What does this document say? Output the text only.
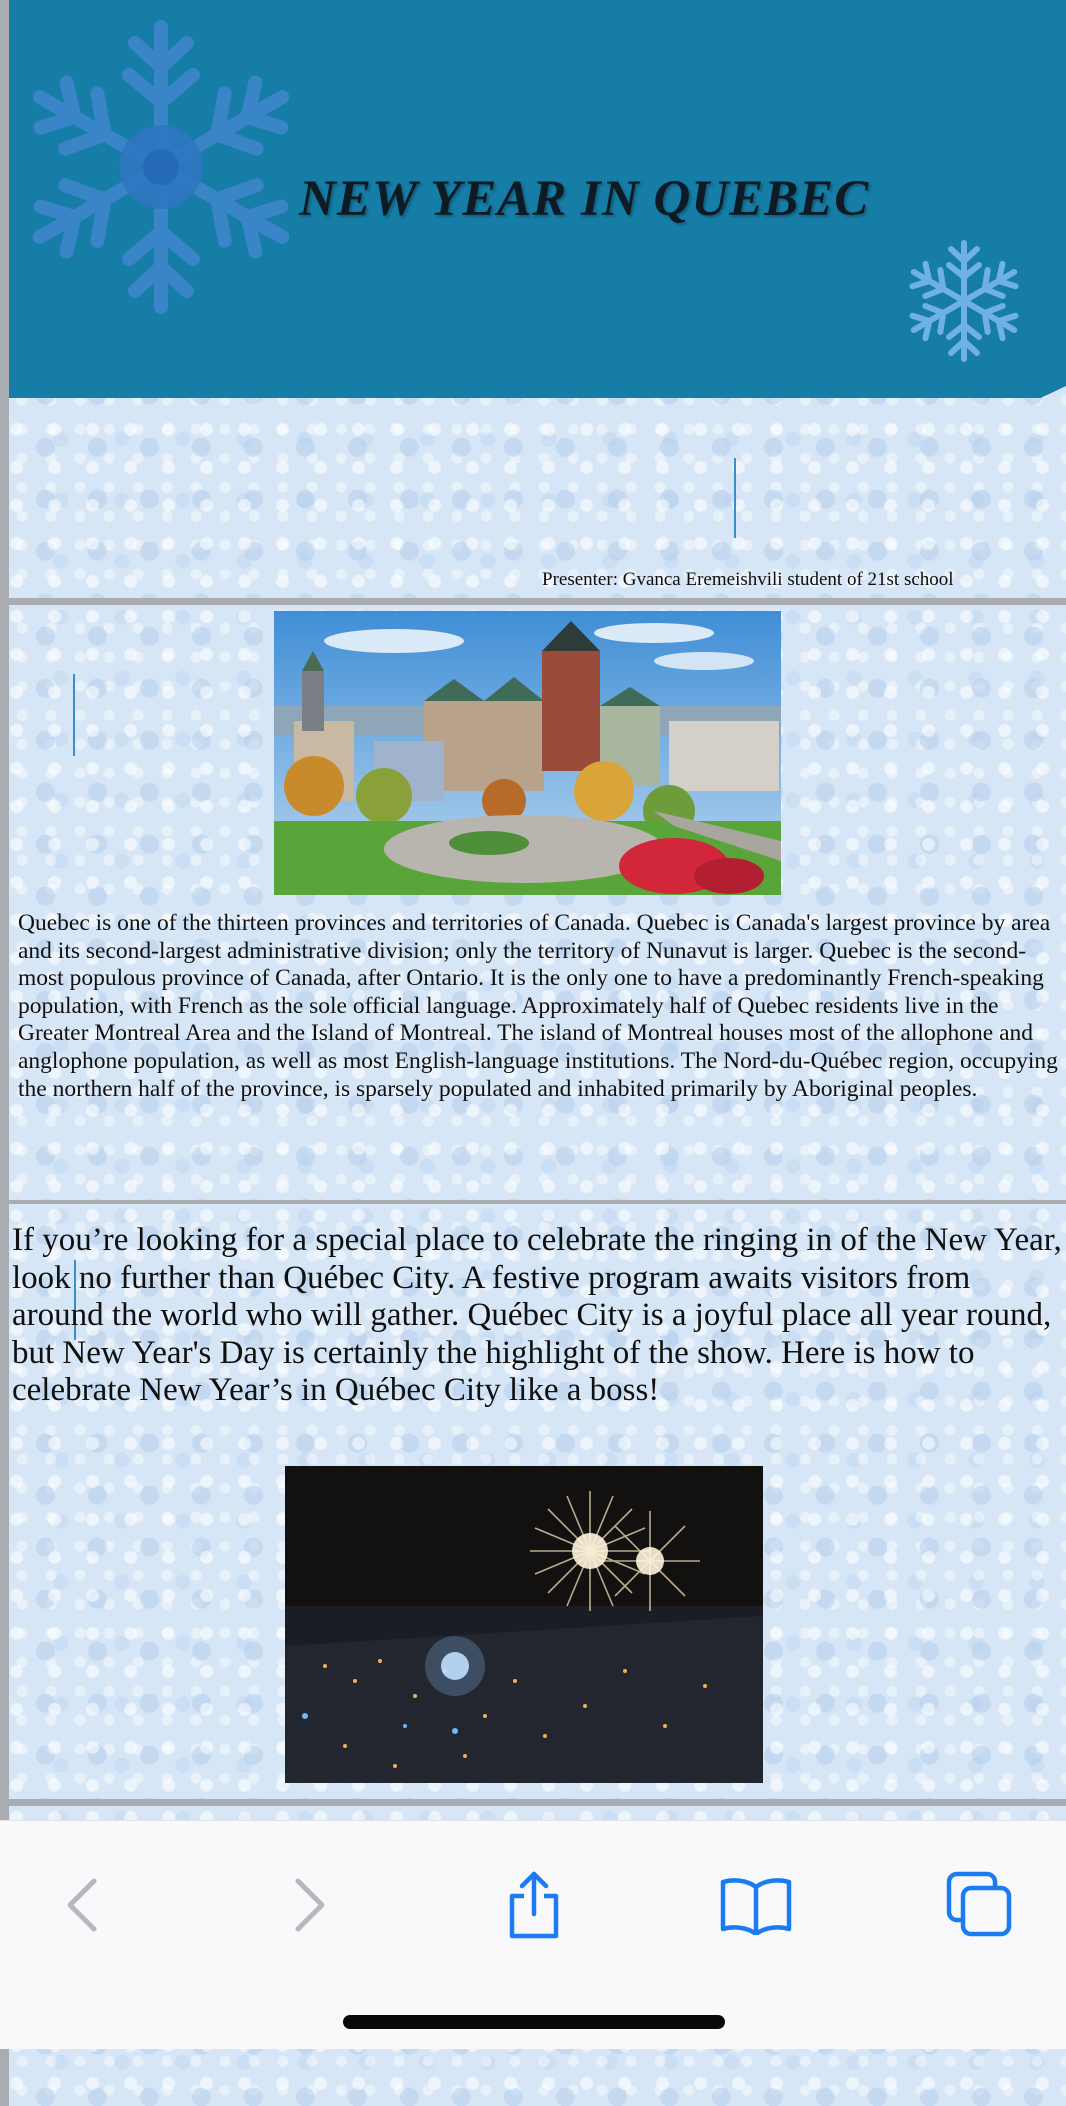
NEW YEAR IN QUEBEC
Presenter: Gvanca Eremeishvili student of 21st school

Quebec is one of the thirteen provinces and territories of Canada. Quebec is Canada's largest province by area and its second-largest administrative division; only the territory of Nunavut is larger. Quebec is the second-most populous province of Canada, after Ontario. It is the only one to have a predominantly French-speaking population, with French as the sole official language. Approximately half of Quebec residents live in the Greater Montreal Area and the Island of Montreal. The island of Montreal houses most of the allophone and anglophone population, as well as most English-language institutions. The Nord-du-Québec region, occupying the northern half of the province, is sparsely populated and inhabited primarily by Aboriginal peoples.

If you’re looking for a special place to celebrate the ringing in of the New Year, look no further than Québec City. A festive program awaits visitors from around the world who will gather. Québec City is a joyful place all year round, but New Year's Day is certainly the highlight of the show. Here is how to celebrate New Year’s in Québec City like a boss!
